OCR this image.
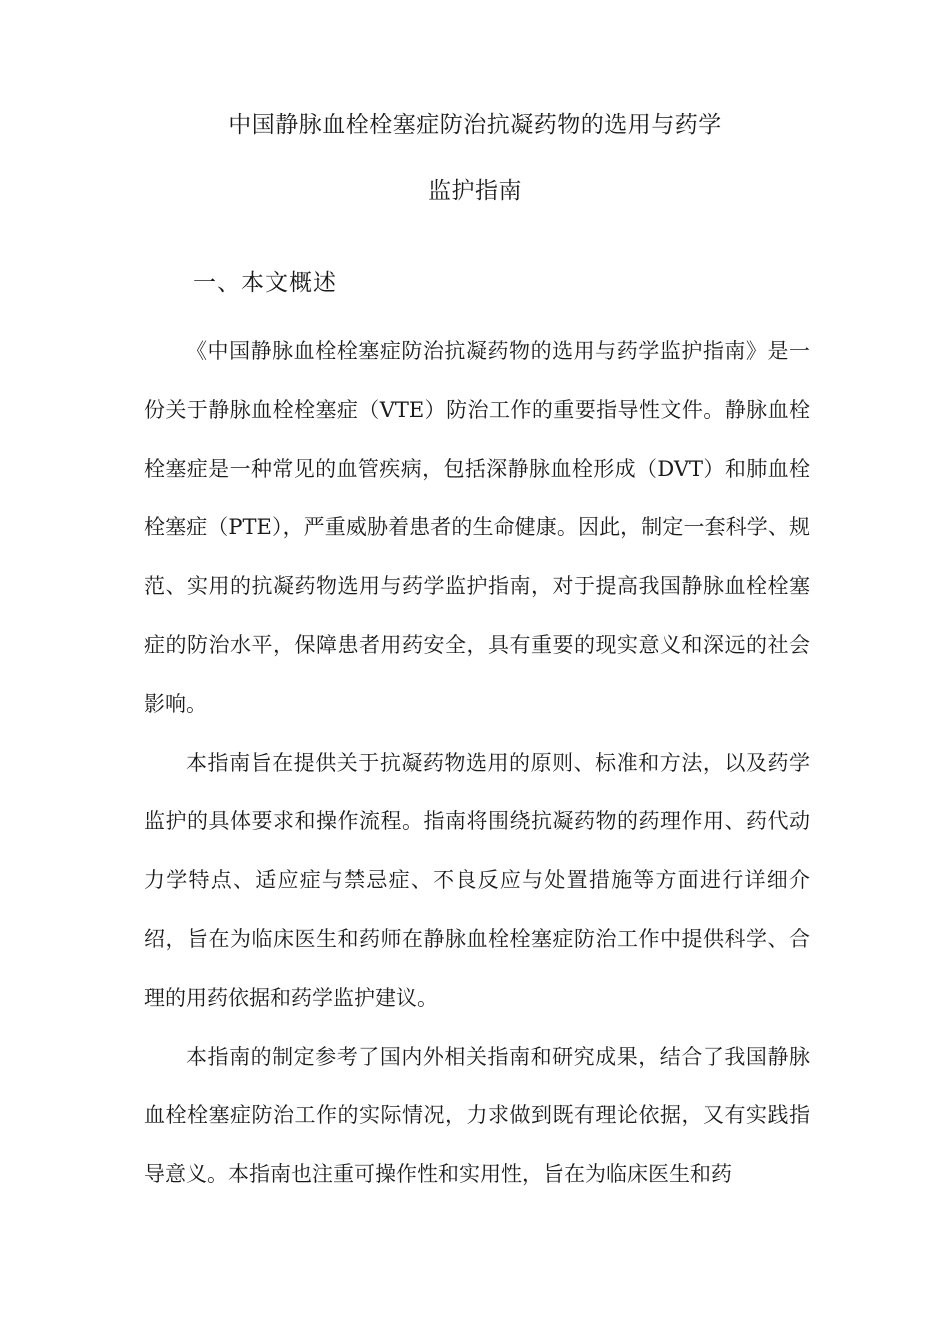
中国静脉血栓栓塞症防治抗凝药物的选用与药学
监护指南
一、本文概述

《中国静脉血栓栓塞症防治抗凝药物的选用与药学监护指南》是一份关于静脉血栓栓塞症（VTE）防治工作的重要指导性文件。静脉血栓栓塞症是一种常见的血管疾病，包括深静脉血栓形成（DVT）和肺血栓栓塞症（PTE），严重威胁着患者的生命健康。因此，制定一套科学、规范、实用的抗凝药物选用与药学监护指南，对于提高我国静脉血栓栓塞症的防治水平，保障患者用药安全，具有重要的现实意义和深远的社会影响。

本指南旨在提供关于抗凝药物选用的原则、标准和方法，以及药学监护的具体要求和操作流程。指南将围绕抗凝药物的药理作用、药代动力学特点、适应症与禁忌症、不良反应与处置措施等方面进行详细介绍，旨在为临床医生和药师在静脉血栓栓塞症防治工作中提供科学、合理的用药依据和药学监护建议。

本指南的制定参考了国内外相关指南和研究成果，结合了我国静脉血栓栓塞症防治工作的实际情况，力求做到既有理论依据，又有实践指导意义。本指南也注重可操作性和实用性，旨在为临床医生和药
